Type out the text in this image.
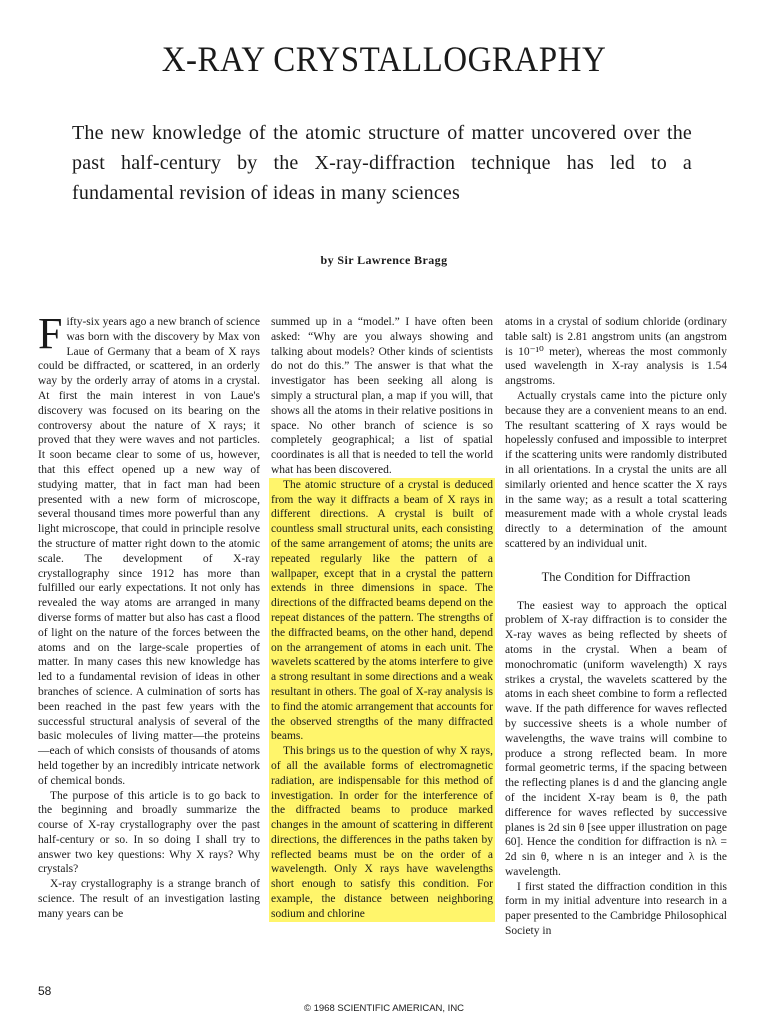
X-RAY CRYSTALLOGRAPHY

The new knowledge of the atomic structure of matter uncovered over the past half-century by the X-ray-diffraction technique has led to a fundamental revision of ideas in many sciences

by Sir Lawrence Bragg

Fifty-six years ago a new branch of science was born with the discovery by Max von Laue of Germany that a beam of X rays could be diffracted, or scattered, in an orderly way by the orderly array of atoms in a crystal. At first the main interest in von Laue's discovery was focused on its bearing on the controversy about the nature of X rays; it proved that they were waves and not particles. It soon became clear to some of us, however, that this effect opened up a new way of studying matter, that in fact man had been presented with a new form of microscope, several thousand times more powerful than any light microscope, that could in principle resolve the structure of matter right down to the atomic scale. The development of X-ray crystallography since 1912 has more than fulfilled our early expectations. It not only has revealed the way atoms are arranged in many diverse forms of matter but also has cast a flood of light on the nature of the forces between the atoms and on the large-scale properties of matter. In many cases this new knowledge has led to a fundamental revision of ideas in other branches of science. A culmination of sorts has been reached in the past few years with the successful structural analysis of several of the basic molecules of living matter—the proteins—each of which consists of thousands of atoms held together by an incredibly intricate network of chemical bonds.

The purpose of this article is to go back to the beginning and broadly summarize the course of X-ray crystallography over the past half-century or so. In so doing I shall try to answer two key questions: Why X rays? Why crystals?

X-ray crystallography is a strange branch of science. The result of an investigation lasting many years can be

summed up in a “model.” I have often been asked: “Why are you always showing and talking about models? Other kinds of scientists do not do this.” The answer is that what the investigator has been seeking all along is simply a structural plan, a map if you will, that shows all the atoms in their relative positions in space. No other branch of science is so completely geographical; a list of spatial coordinates is all that is needed to tell the world what has been discovered.

The atomic structure of a crystal is deduced from the way it diffracts a beam of X rays in different directions. A crystal is built of countless small structural units, each consisting of the same arrangement of atoms; the units are repeated regularly like the pattern of a wallpaper, except that in a crystal the pattern extends in three dimensions in space. The directions of the diffracted beams depend on the repeat distances of the pattern. The strengths of the diffracted beams, on the other hand, depend on the arrangement of atoms in each unit. The wavelets scattered by the atoms interfere to give a strong resultant in some directions and a weak resultant in others. The goal of X-ray analysis is to find the atomic arrangement that accounts for the observed strengths of the many diffracted beams.

This brings us to the question of why X rays, of all the available forms of electromagnetic radiation, are indispensable for this method of investigation. In order for the interference of the diffracted beams to produce marked changes in the amount of scattering in different directions, the differences in the paths taken by reflected beams must be on the order of a wavelength. Only X rays have wavelengths short enough to satisfy this condition. For example, the distance between neighboring sodium and chlorine

atoms in a crystal of sodium chloride (ordinary table salt) is 2.81 angstrom units (an angstrom is 10⁻¹⁰ meter), whereas the most commonly used wavelength in X-ray analysis is 1.54 angstroms.

Actually crystals came into the picture only because they are a convenient means to an end. The resultant scattering of X rays would be hopelessly confused and impossible to interpret if the scattering units were randomly distributed in all orientations. In a crystal the units are all similarly oriented and hence scatter the X rays in the same way; as a result a total scattering measurement made with a whole crystal leads directly to a determination of the amount scattered by an individual unit.

The Condition for Diffraction

The easiest way to approach the optical problem of X-ray diffraction is to consider the X-ray waves as being reflected by sheets of atoms in the crystal. When a beam of monochromatic (uniform wavelength) X rays strikes a crystal, the wavelets scattered by the atoms in each sheet combine to form a reflected wave. If the path difference for waves reflected by successive sheets is a whole number of wavelengths, the wave trains will combine to produce a strong reflected beam. In more formal geometric terms, if the spacing between the reflecting planes is d and the glancing angle of the incident X-ray beam is θ, the path difference for waves reflected by successive planes is 2d sin θ [see upper illustration on page 60]. Hence the condition for diffraction is nλ = 2d sin θ, where n is an integer and λ is the wavelength.

I first stated the diffraction condition in this form in my initial adventure into research in a paper presented to the Cambridge Philosophical Society in

58

© 1968 SCIENTIFIC AMERICAN, INC
